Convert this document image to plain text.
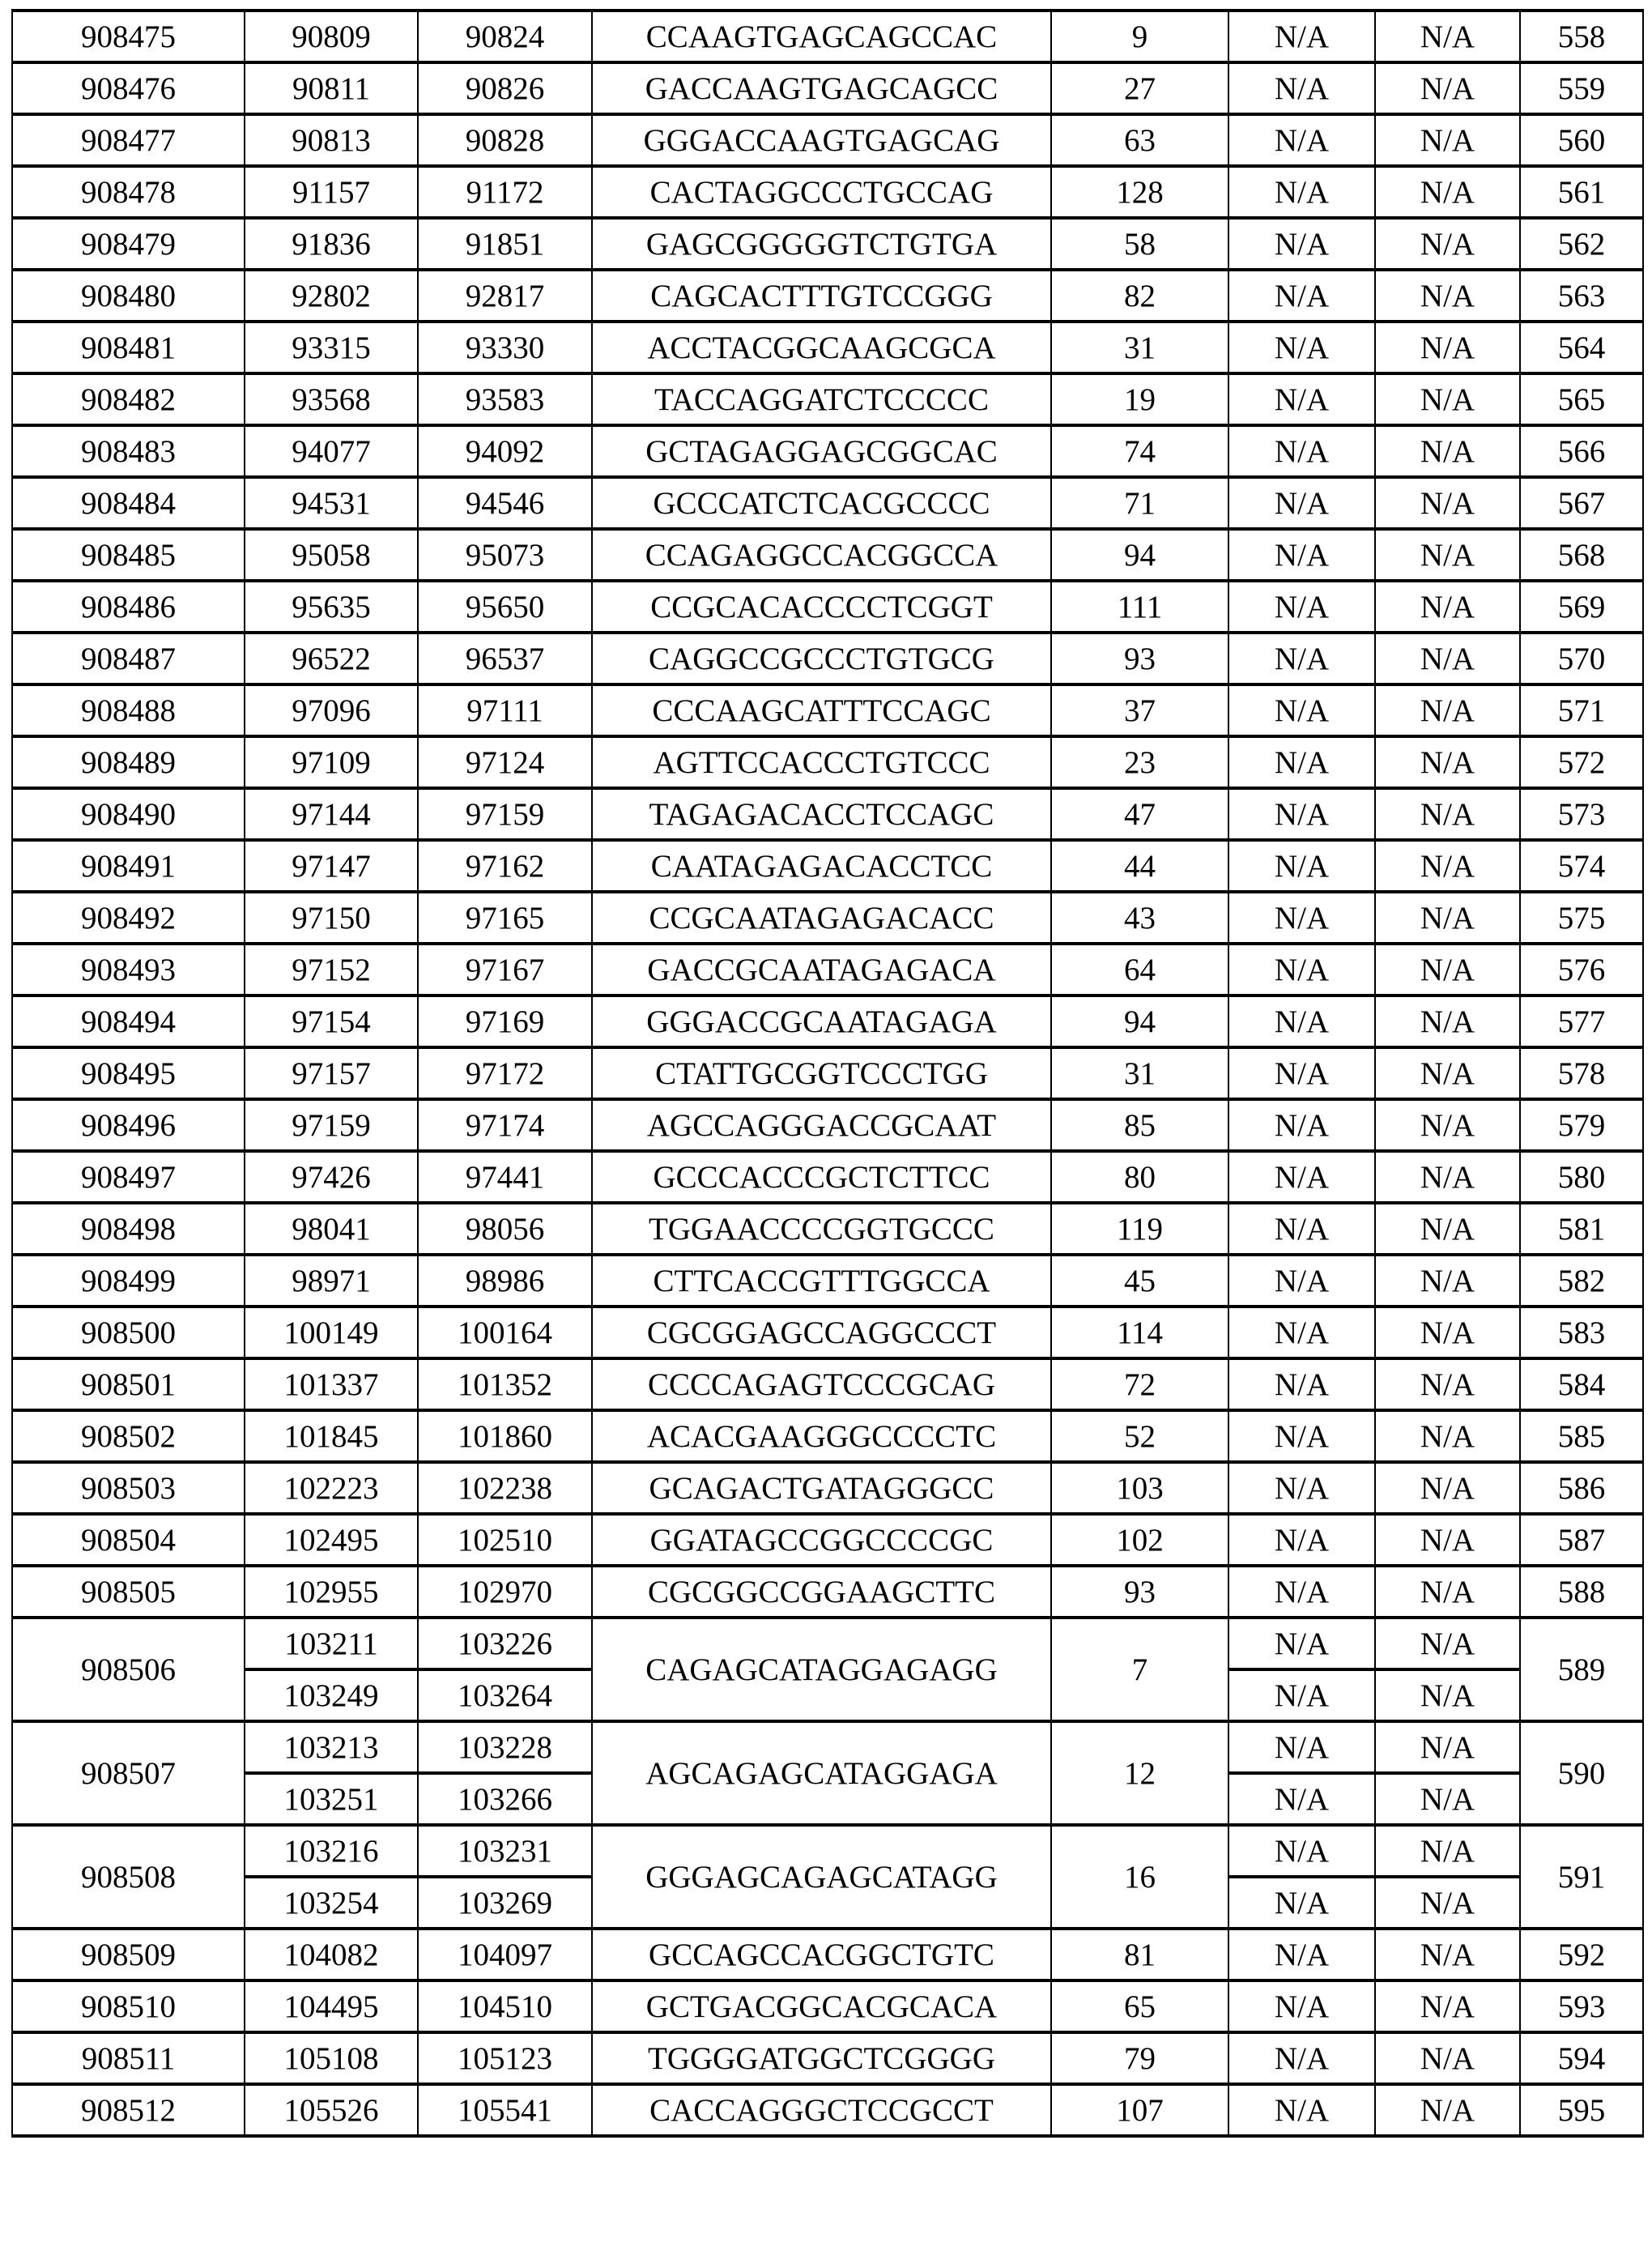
908475	90809	90824	CCAAGTGAGCAGCCAC	9	N/A	N/A	558
908476	90811	90826	GACCAAGTGAGCAGCC	27	N/A	N/A	559
908477	90813	90828	GGGACCAAGTGAGCAG	63	N/A	N/A	560
908478	91157	91172	CACTAGGCCCTGCCAG	128	N/A	N/A	561
908479	91836	91851	GAGCGGGGGTCTGTGA	58	N/A	N/A	562
908480	92802	92817	CAGCACTTTGTCCGGG	82	N/A	N/A	563
908481	93315	93330	ACCTACGGCAAGCGCA	31	N/A	N/A	564
908482	93568	93583	TACCAGGATCTCCCCC	19	N/A	N/A	565
908483	94077	94092	GCTAGAGGAGCGGCAC	74	N/A	N/A	566
908484	94531	94546	GCCCATCTCACGCCCC	71	N/A	N/A	567
908485	95058	95073	CCAGAGGCCACGGCCA	94	N/A	N/A	568
908486	95635	95650	CCGCACACCCCTCGGT	111	N/A	N/A	569
908487	96522	96537	CAGGCCGCCCTGTGCG	93	N/A	N/A	570
908488	97096	97111	CCCAAGCATTTCCAGC	37	N/A	N/A	571
908489	97109	97124	AGTTCCACCCTGTCCC	23	N/A	N/A	572
908490	97144	97159	TAGAGACACCTCCAGC	47	N/A	N/A	573
908491	97147	97162	CAATAGAGACACCTCC	44	N/A	N/A	574
908492	97150	97165	CCGCAATAGAGACACC	43	N/A	N/A	575
908493	97152	97167	GACCGCAATAGAGACA	64	N/A	N/A	576
908494	97154	97169	GGGACCGCAATAGAGA	94	N/A	N/A	577
908495	97157	97172	CTATTGCGGTCCCTGG	31	N/A	N/A	578
908496	97159	97174	AGCCAGGGACCGCAAT	85	N/A	N/A	579
908497	97426	97441	GCCCACCCGCTCTTCC	80	N/A	N/A	580
908498	98041	98056	TGGAACCCCGGTGCCC	119	N/A	N/A	581
908499	98971	98986	CTTCACCGTTTGGCCA	45	N/A	N/A	582
908500	100149	100164	CGCGGAGCCAGGCCCT	114	N/A	N/A	583
908501	101337	101352	CCCCAGAGTCCCGCAG	72	N/A	N/A	584
908502	101845	101860	ACACGAAGGGCCCCTC	52	N/A	N/A	585
908503	102223	102238	GCAGACTGATAGGGCC	103	N/A	N/A	586
908504	102495	102510	GGATAGCCGGCCCCGC	102	N/A	N/A	587
908505	102955	102970	CGCGGCCGGAAGCTTC	93	N/A	N/A	588
908506	103211	103226	CAGAGCATAGGAGAGG	7	N/A	N/A	589
103249	103264	N/A	N/A
908507	103213	103228	AGCAGAGCATAGGAGA	12	N/A	N/A	590
103251	103266	N/A	N/A
908508	103216	103231	GGGAGCAGAGCATAGG	16	N/A	N/A	591
103254	103269	N/A	N/A
908509	104082	104097	GCCAGCCACGGCTGTC	81	N/A	N/A	592
908510	104495	104510	GCTGACGGCACGCACA	65	N/A	N/A	593
908511	105108	105123	TGGGGATGGCTCGGGG	79	N/A	N/A	594
908512	105526	105541	CACCAGGGCTCCGCCT	107	N/A	N/A	595
